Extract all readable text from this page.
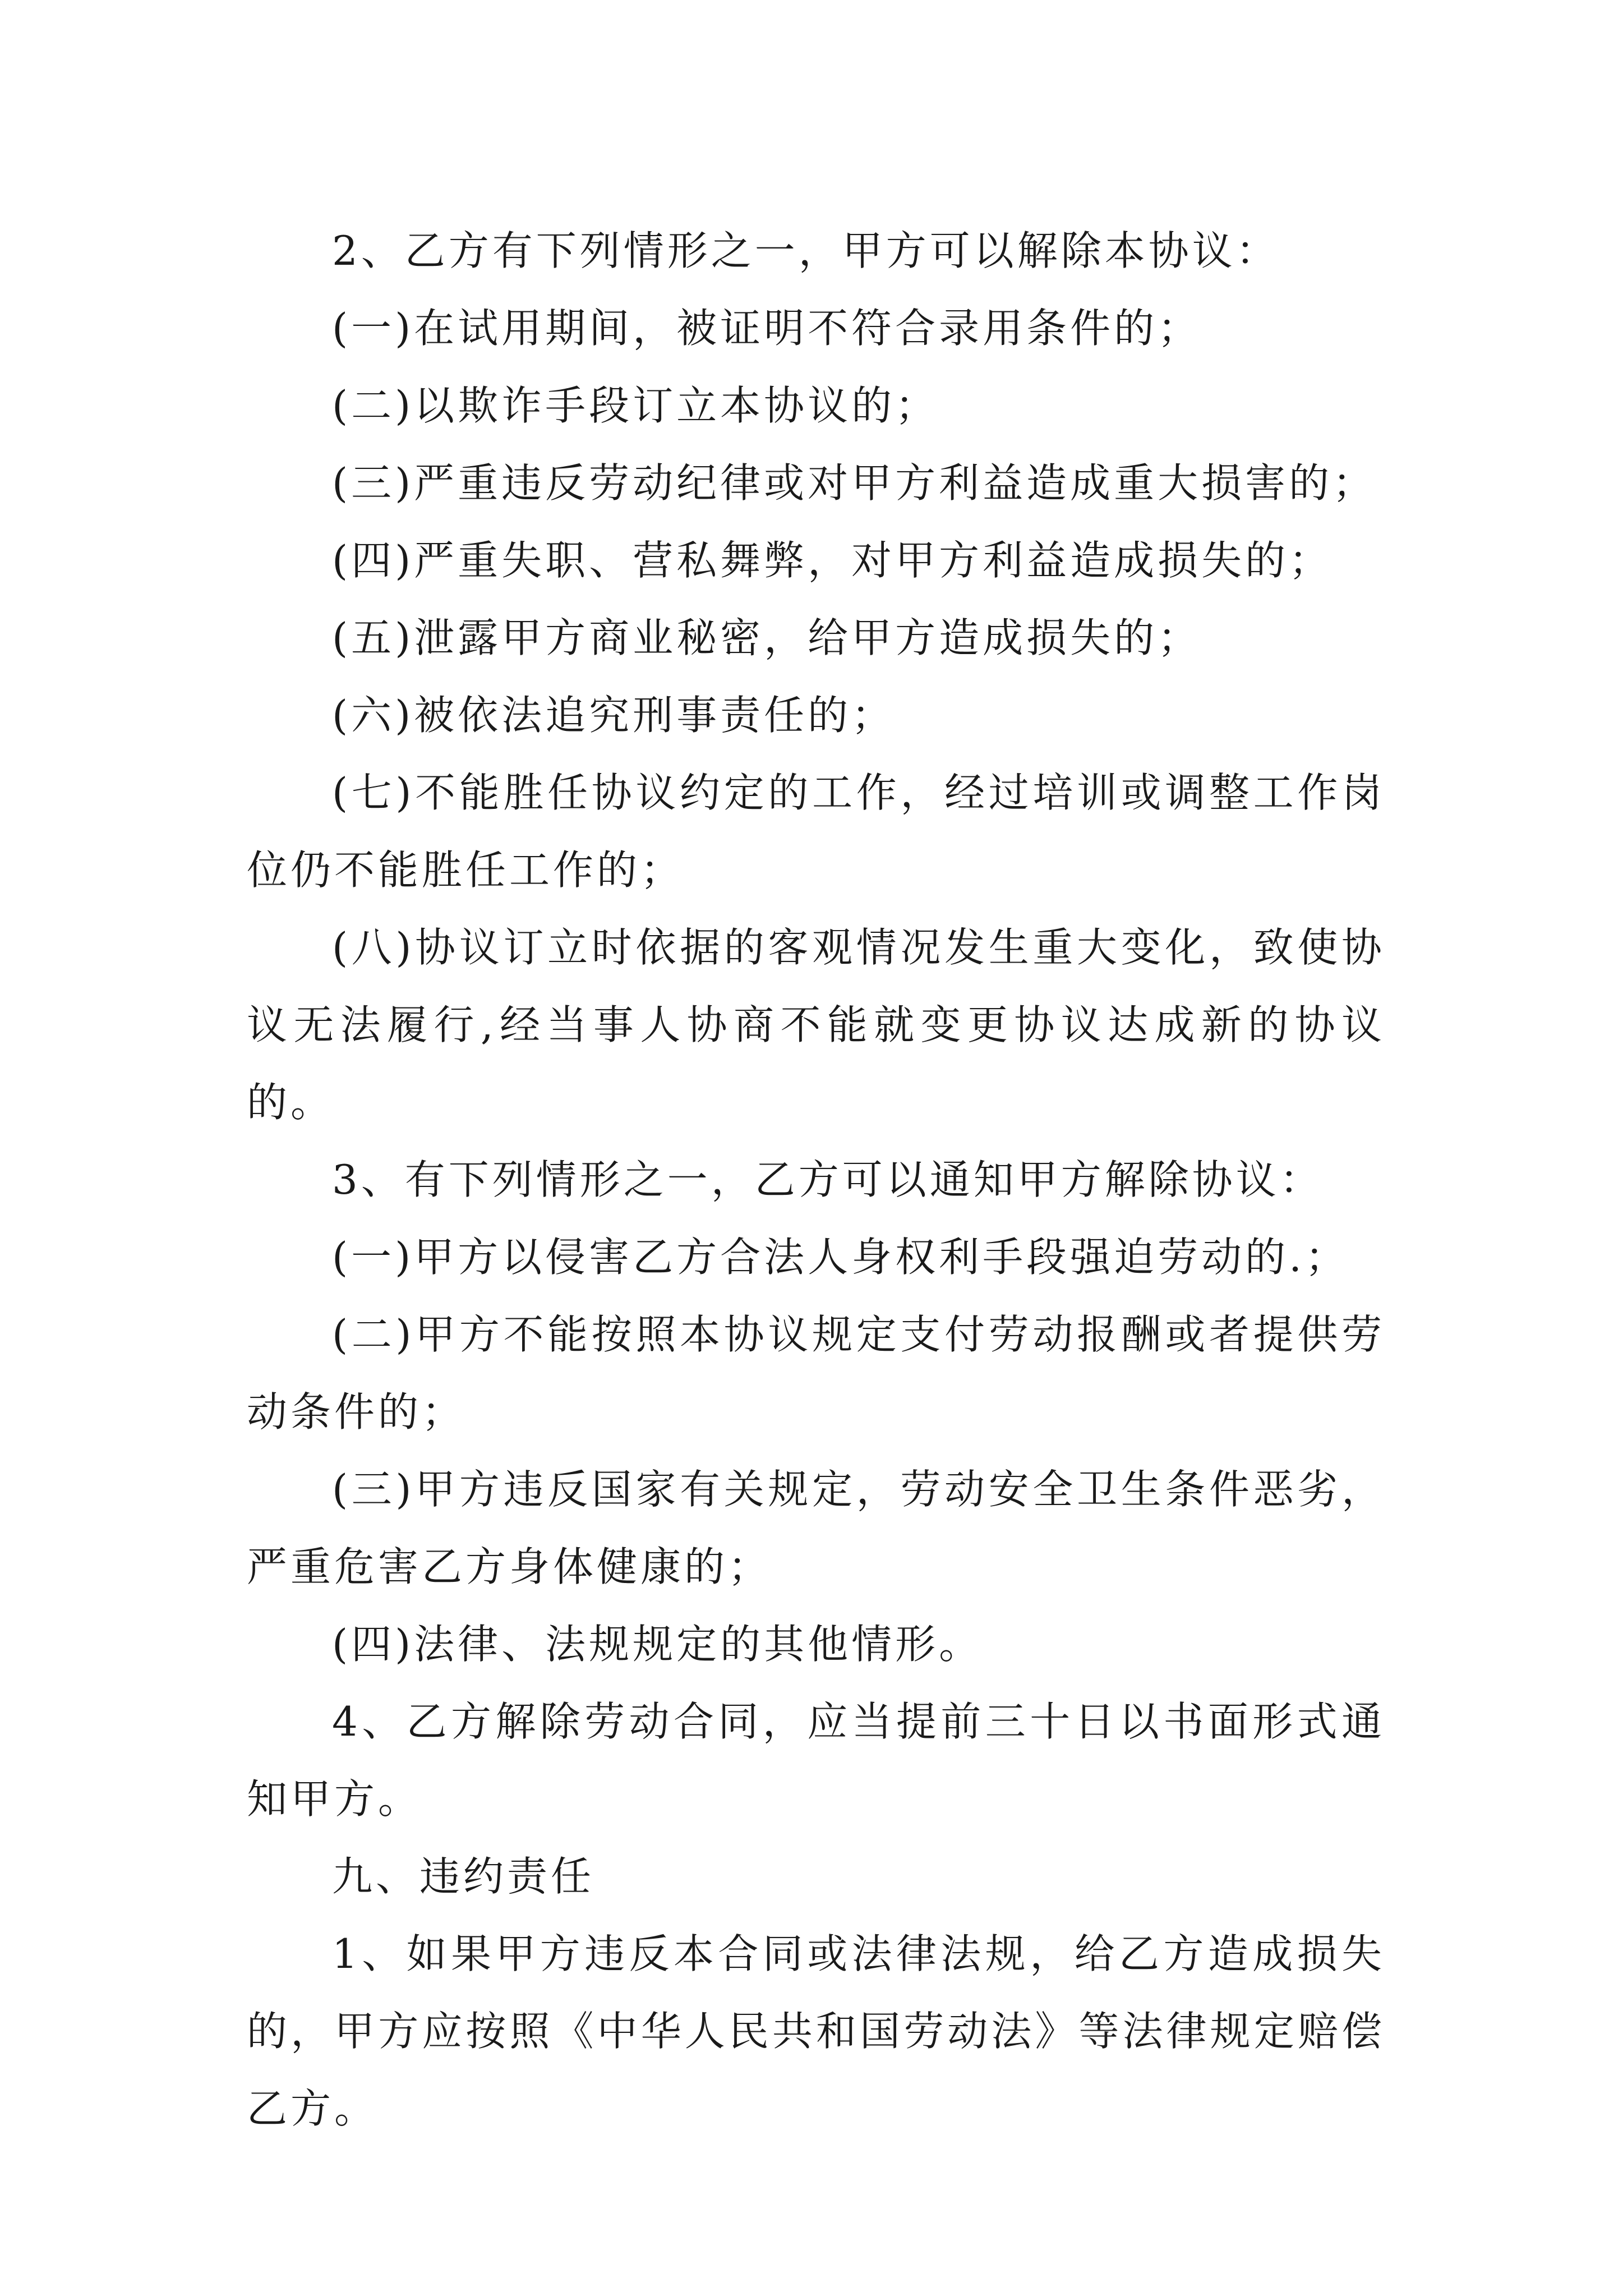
2、乙方有下列情形之一，甲方可以解除本协议：

(一)在试用期间，被证明不符合录用条件的；

(二)以欺诈手段订立本协议的；

(三)严重违反劳动纪律或对甲方利益造成重大损害的；

(四)严重失职、营私舞弊，对甲方利益造成损失的；

(五)泄露甲方商业秘密，给甲方造成损失的；

(六)被依法追究刑事责任的；

(七)不能胜任协议约定的工作，经过培训或调整工作岗位仍不能胜任工作的；

(八)协议订立时依据的客观情况发生重大变化，致使协议无法履行,经当事人协商不能就变更协议达成新的协议的。

3、有下列情形之一，乙方可以通知甲方解除协议：

(一)甲方以侵害乙方合法人身权利手段强迫劳动的.；

(二)甲方不能按照本协议规定支付劳动报酬或者提供劳动条件的；

(三)甲方违反国家有关规定，劳动安全卫生条件恶劣，严重危害乙方身体健康的；

(四)法律、法规规定的其他情形。

4、乙方解除劳动合同，应当提前三十日以书面形式通知甲方。

九、违约责任

1、如果甲方违反本合同或法律法规，给乙方造成损失的，甲方应按照《中华人民共和国劳动法》等法律规定赔偿乙方。
